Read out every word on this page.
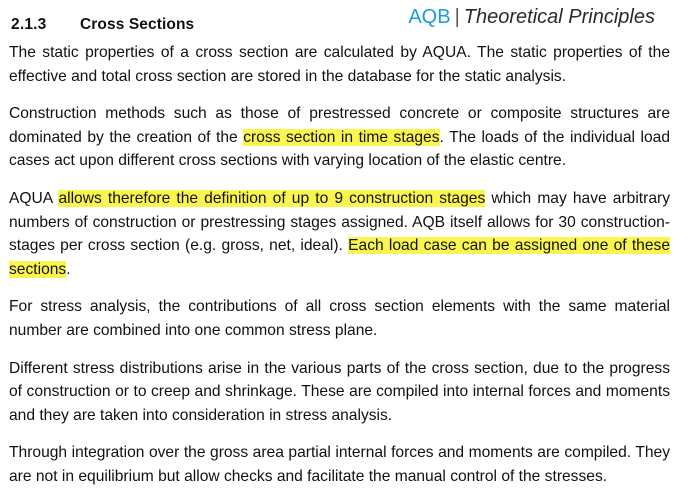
2.1.3 Cross Sections	AQB | Theoretical Principles

The static properties of a cross section are calculated by AQUA. The static properties of the effective and total cross section are stored in the database for the static analysis.

Construction methods such as those of prestressed concrete or composite structures are dominated by the creation of the cross section in time stages. The loads of the individual load cases act upon different cross sections with varying location of the elastic centre.

AQUA allows therefore the definition of up to 9 construction stages which may have arbitrary numbers of construction or prestressing stages assigned. AQB itself allows for 30 construction-stages per cross section (e.g. gross, net, ideal). Each load case can be assigned one of these sections.

For stress analysis, the contributions of all cross section elements with the same material number are combined into one common stress plane.

Different stress distributions arise in the various parts of the cross section, due to the progress of construction or to creep and shrinkage. These are compiled into internal forces and moments and they are taken into consideration in stress analysis.

Through integration over the gross area partial internal forces and moments are compiled. They are not in equilibrium but allow checks and facilitate the manual control of the stresses.
